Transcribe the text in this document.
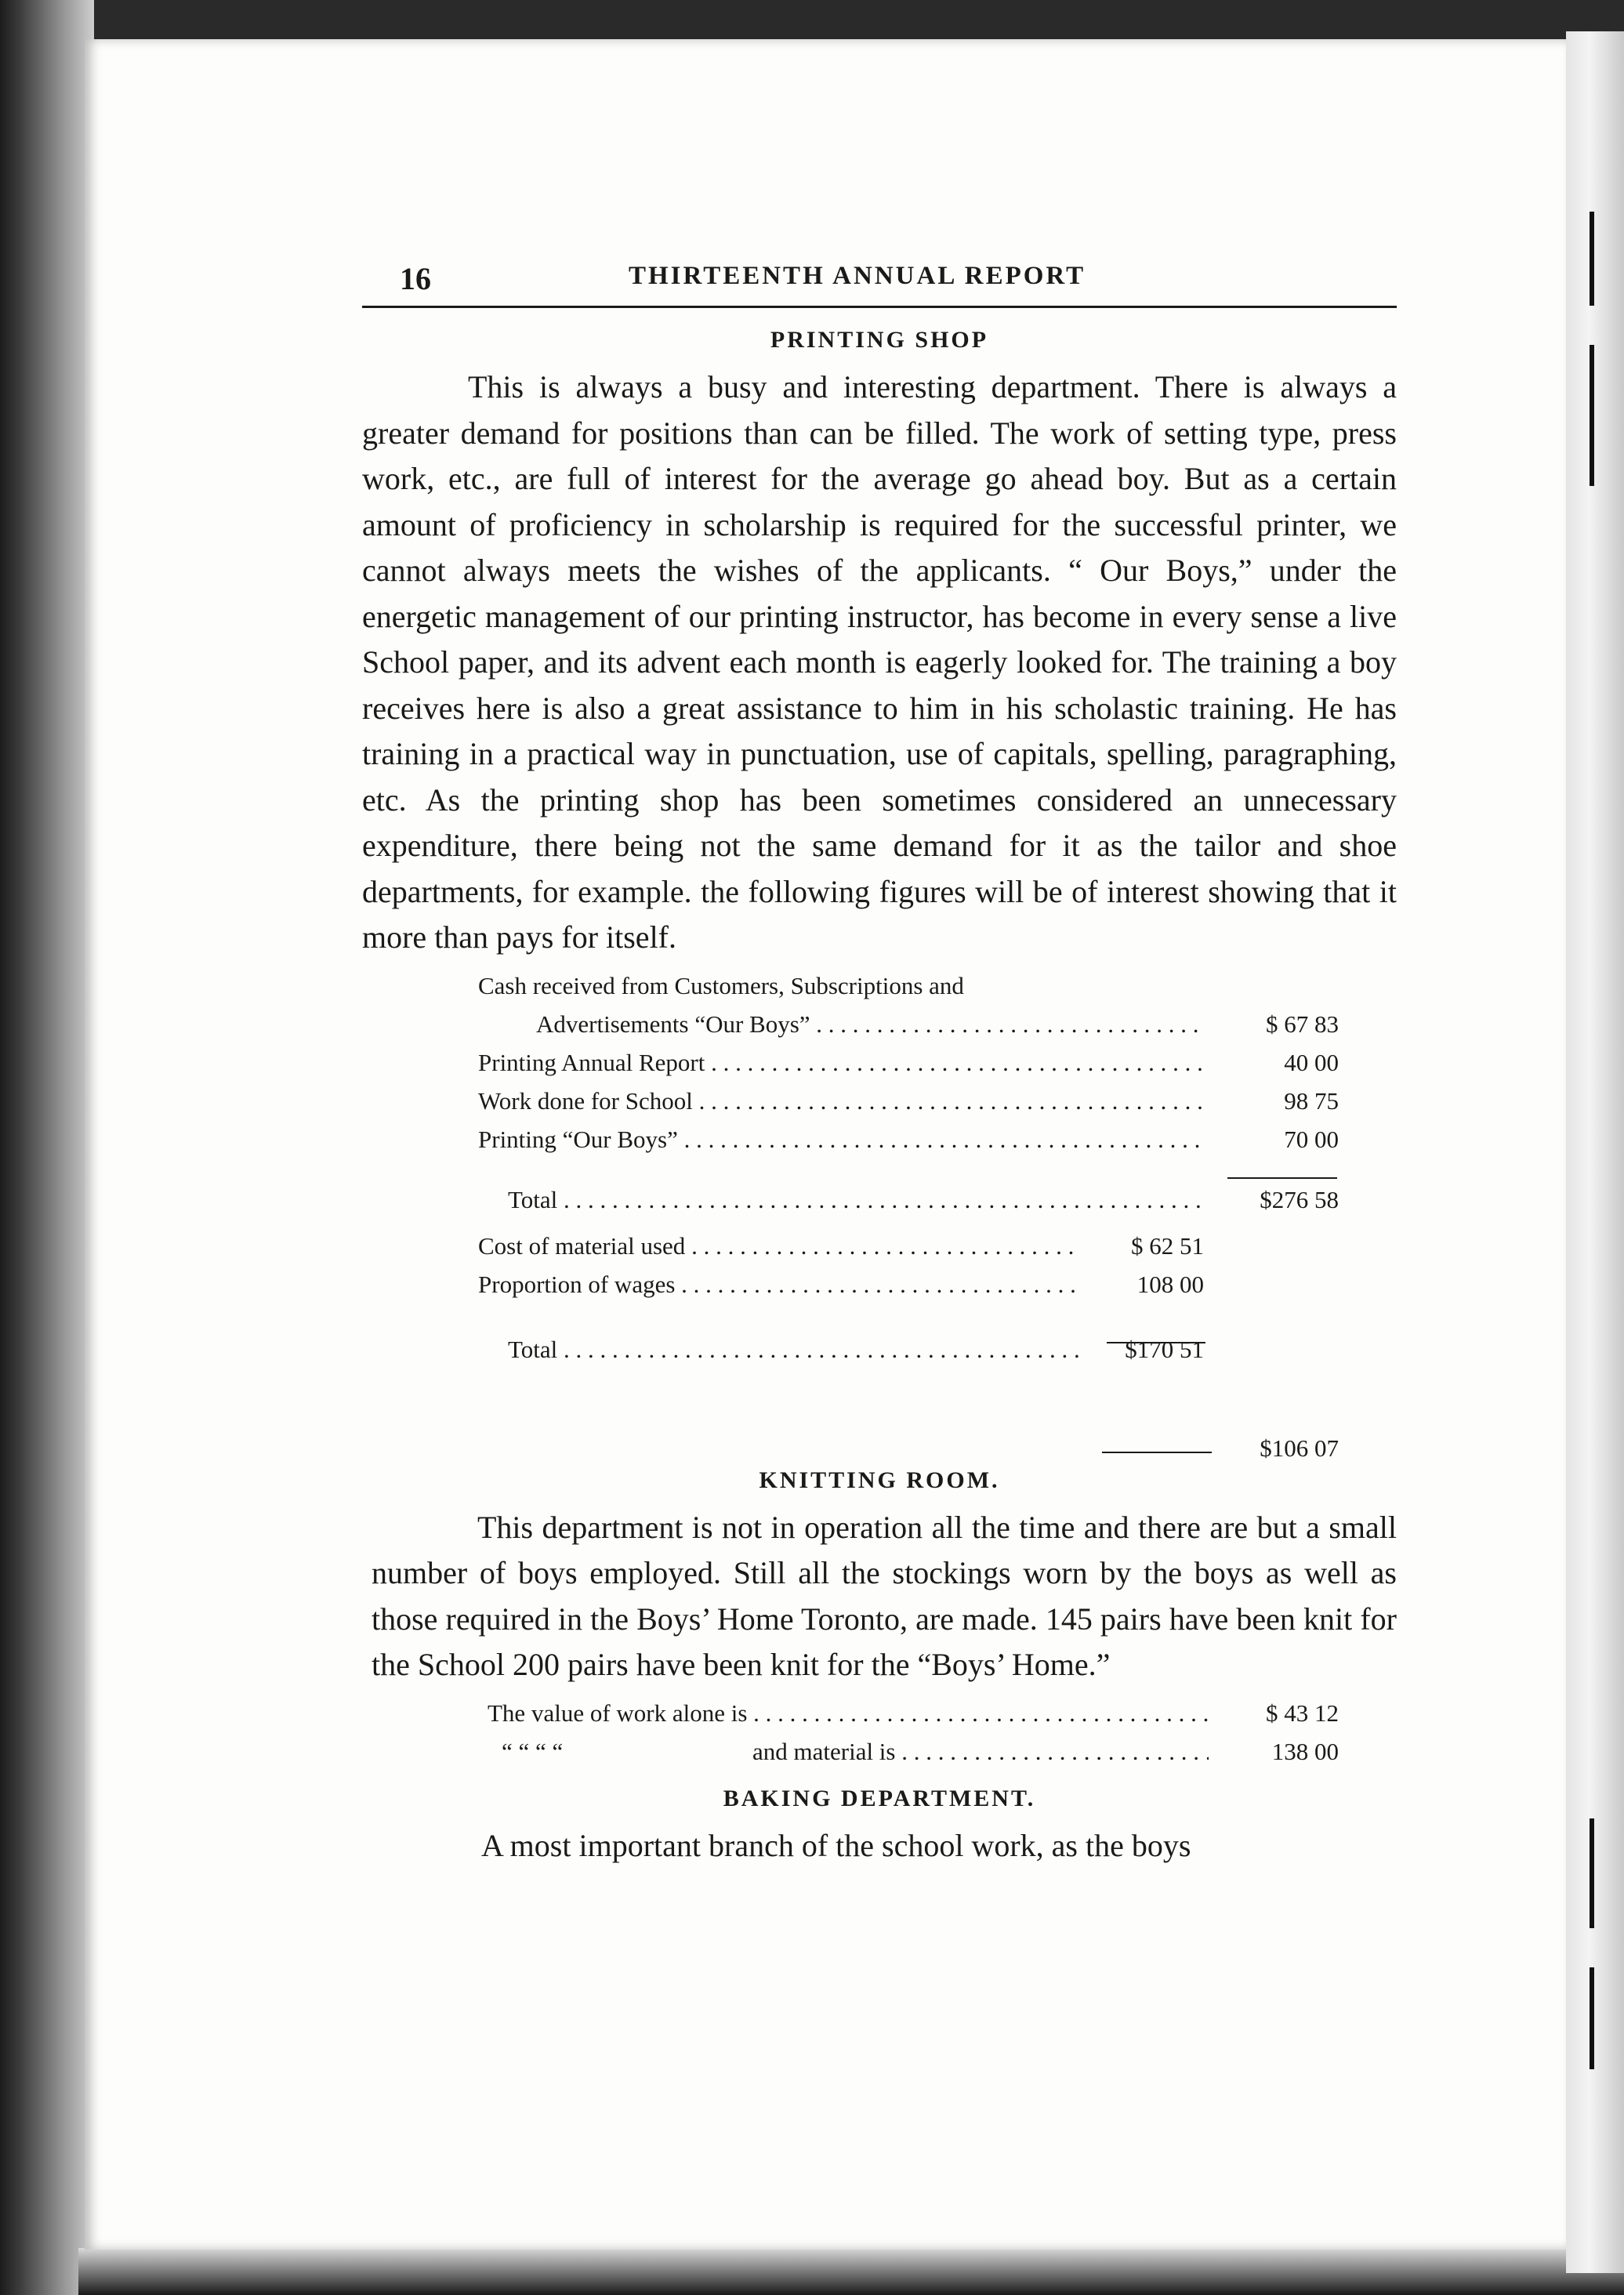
16	THIRTEENTH ANNUAL REPORT
PRINTING SHOP

This is always a busy and interesting department. There is always a greater demand for positions than can be filled. The work of setting type, press work, etc., are full of interest for the average go ahead boy. But as a certain amount of proficiency in scholarship is required for the successful printer, we cannot always meets the wishes of the applicants. “ Our Boys,” under the energetic management of our printing instructor, has become in every sense a live School paper, and its advent each month is eagerly looked for. The training a boy receives here is also a great assistance to him in his scholastic training. He has training in a practical way in punctuation, use of capitals, spelling, paragraphing, etc. As the printing shop has been sometimes considered an unnecessary expenditure, there being not the same demand for it as the tailor and shoe departments, for example. the following figures will be of interest showing that it more than pays for itself.

Cash received from Customers, Subscriptions and
Advertisements “Our Boys” . . .	$ 67 83
Printing Annual Report . . .	40 00
Work done for School . . .	98 75
Printing “Our Boys” . . .	70 00
Total . . .	$276 58
Cost of material used . . .	$ 62 51
Proportion of wages . . .	108 00
Total . . .	$170 51
$106 07
KNITTING ROOM.

This department is not in operation all the time and there are but a small number of boys employed. Still all the stockings worn by the boys as well as those required in the Boys’ Home Toronto, are made. 145 pairs have been knit for the School 200 pairs have been knit for the “Boys’ Home.”

The value of work alone is . . .	$ 43 12
“ “ “ “	and material is . . .	138 00
BAKING DEPARTMENT.

A most important branch of the school work, as the boys
